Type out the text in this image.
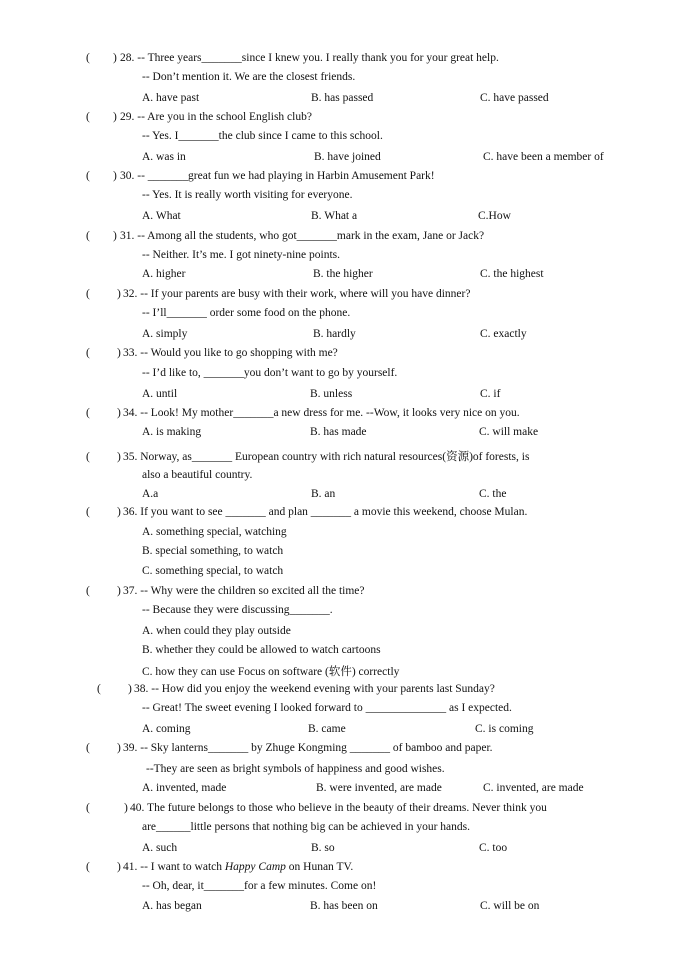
( ) 28. -- Three years_______since I knew you. I really thank you for your great help.
-- Don’t mention it. We are the closest friends.
A. have past	B. has passed	C. have passed
( ) 29. -- Are you in the school English club?
-- Yes. I_______the club since I came to this school.
A. was in	B. have joined	C. have been a member of
( ) 30. -- _______great fun we had playing in Harbin Amusement Park!
-- Yes. It is really worth visiting for everyone.
A. What	B. What a	C.How
( ) 31. -- Among all the students, who got_______mark in the exam, Jane or Jack?
-- Neither. It’s me. I got ninety-nine points.
A. higher	B. the higher	C. the highest
( ) 32. -- If your parents are busy with their work, where will you have dinner?
-- I’ll_______ order some food on the phone.
A. simply	B. hardly	C. exactly
( ) 33. -- Would you like to go shopping with me?
-- I’d like to, _______you don’t want to go by yourself.
A. until	B. unless	C. if
( ) 34. -- Look! My mother_______a new dress for me. --Wow, it looks very nice on you.
A. is making	B. has made	C. will make
( ) 35. Norway, as_______ European country with rich natural resources(资源)of forests, is
also a beautiful country.
A.a	B. an	C. the
( ) 36. If you want to see _______ and plan _______ a movie this weekend, choose Mulan.
A. something special, watching
B. special something, to watch
C. something special, to watch
( ) 37. -- Why were the children so excited all the time?
-- Because they were discussing_______.
A. when could they play outside
B. whether they could be allowed to watch cartoons
C. how they can use Focus on software (软件) correctly
( ) 38. -- How did you enjoy the weekend evening with your parents last Sunday?
-- Great! The sweet evening I looked forward to ______________ as I expected.
A. coming	B. came	C. is coming
( ) 39. -- Sky lanterns_______ by Zhuge Kongming _______ of bamboo and paper.
--They are seen as bright symbols of happiness and good wishes.
A. invented, made	B. were invented, are made	C. invented, are made
(	) 40. The future belongs to those who believe in the beauty of their dreams. Never think you
are______little persons that nothing big can be achieved in your hands.
A. such	B. so	C. too
( ) 41. -- I want to watch Happy Camp on Hunan TV.
-- Oh, dear, it_______for a few minutes. Come on!
A. has began	B. has been on	C. will be on
